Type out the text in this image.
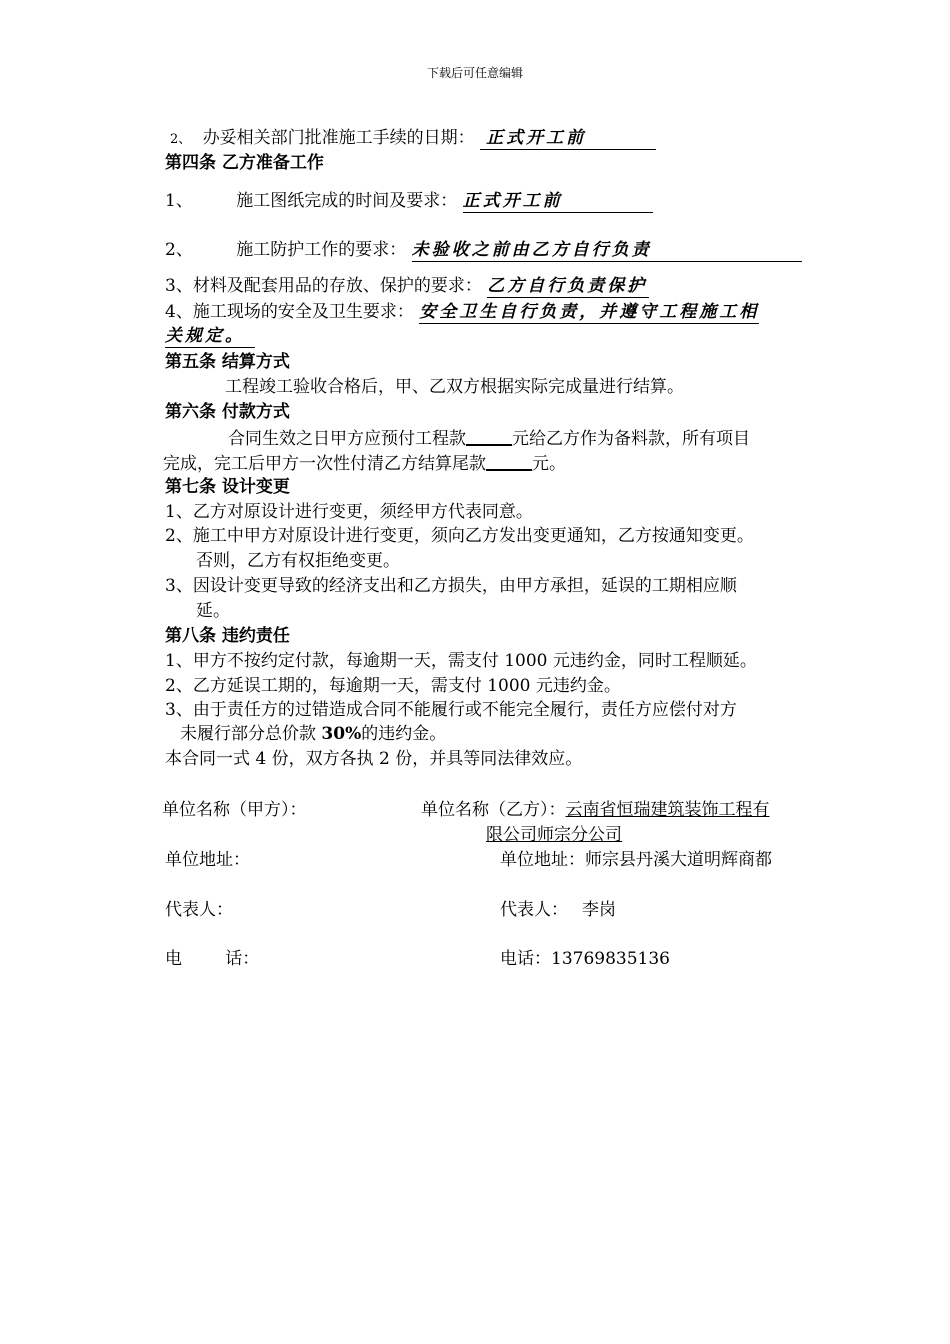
下载后可任意编辑
2、 办妥相关部门批准施工手续的日期： 正式开工前
第四条 乙方准备工作
1、	施工图纸完成的时间及要求： 正式开工前
2、	施工防护工作的要求： 未验收之前由乙方自行负责
3、材料及配套用品的存放、保护的要求： 乙方自行负责保护
4、施工现场的安全及卫生要求： 安全卫生自行负责，并遵守工程施工相
关规定。
第五条 结算方式
工程竣工验收合格后，甲、乙双方根据实际完成量进行结算。
第六条 付款方式
合同生效之日甲方应预付工程款	元给乙方作为备料款，所有项目
完成，完工后甲方一次性付清乙方结算尾款	元。
第七条 设计变更
1、乙方对原设计进行变更，须经甲方代表同意。
2、施工中甲方对原设计进行变更，须向乙方发出变更通知，乙方按通知变更。
否则，乙方有权拒绝变更。
3、因设计变更导致的经济支出和乙方损失，由甲方承担，延误的工期相应顺
延。
第八条 违约责任
1、甲方不按约定付款，每逾期一天，需支付 1000 元违约金，同时工程顺延。
2、乙方延误工期的，每逾期一天，需支付 1000 元违约金。
3、由于责任方的过错造成合同不能履行或不能完全履行，责任方应偿付对方
未履行部分总价款 30%的违约金。
本合同一式 4 份，双方各执 2 份，并具等同法律效应。
单位名称（甲方）：	单位名称（乙方）：云南省恒瑞建筑装饰工程有
限公司师宗分公司
单位地址：	单位地址：师宗县丹溪大道明辉商都
代表人：	代表人： 李岗
电        话：	电话：13769835136
